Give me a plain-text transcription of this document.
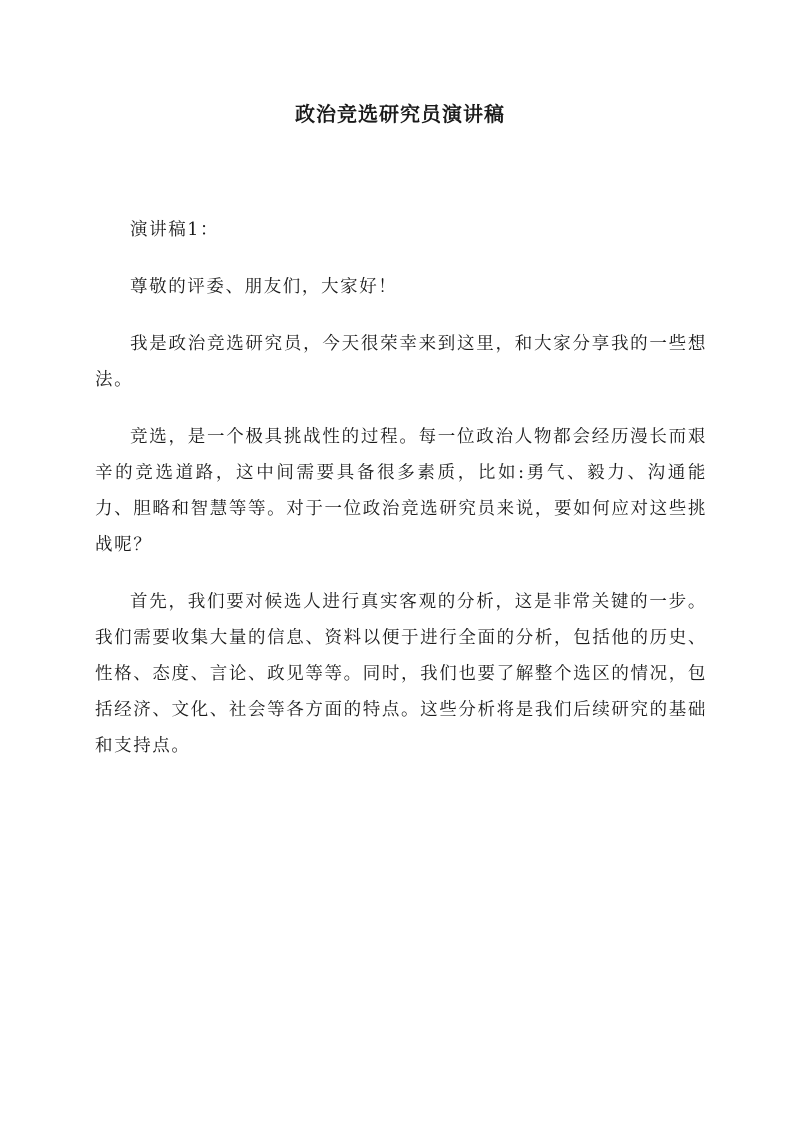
政治竞选研究员演讲稿

演讲稿1：

尊敬的评委、朋友们，大家好！

我是政治竞选研究员，今天很荣幸来到这里，和大家分享我的一些想法。

竞选，是一个极具挑战性的过程。每一位政治人物都会经历漫长而艰辛的竞选道路，这中间需要具备很多素质，比如:勇气、毅力、沟通能力、胆略和智慧等等。对于一位政治竞选研究员来说，要如何应对这些挑战呢？

首先，我们要对候选人进行真实客观的分析，这是非常关键的一步。我们需要收集大量的信息、资料以便于进行全面的分析，包括他的历史、性格、态度、言论、政见等等。同时，我们也要了解整个选区的情况，包括经济、文化、社会等各方面的特点。这些分析将是我们后续研究的基础和支持点。
